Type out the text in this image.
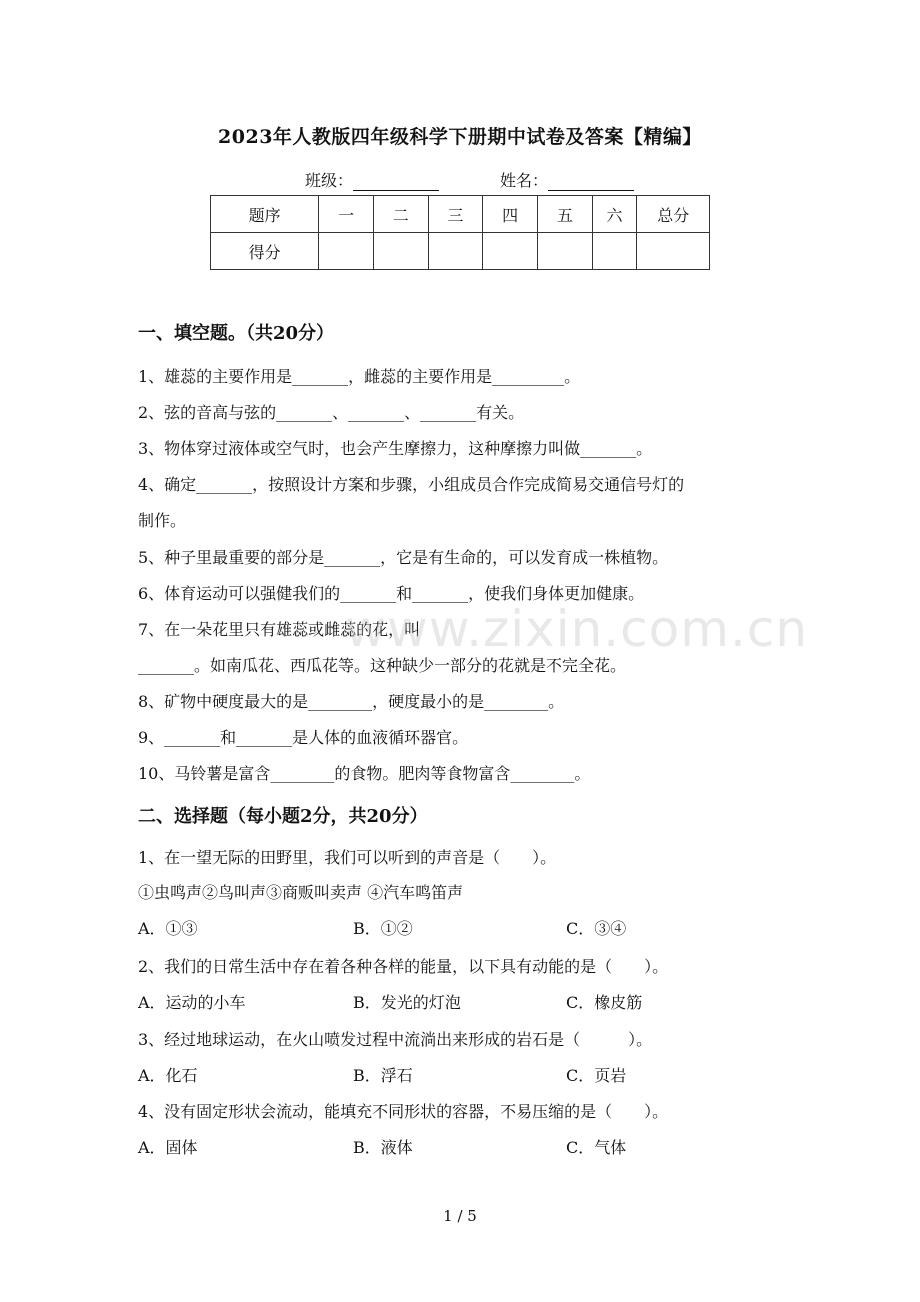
2023年人教版四年级科学下册期中试卷及答案【精编】
班级：	姓名：
题序	一	二	三	四	五	六	总分
得分							
一、填空题。（共20分）
1、雄蕊的主要作用是_______，雌蕊的主要作用是_________。
2、弦的音高与弦的_______、_______、_______有关。
3、物体穿过液体或空气时，也会产生摩擦力，这种摩擦力叫做_______。
4、确定_______，按照设计方案和步骤，小组成员合作完成简易交通信号灯的
制作。
5、种子里最重要的部分是_______，它是有生命的，可以发育成一株植物。
6、体育运动可以强健我们的_______和_______，使我们身体更加健康。
7、在一朵花里只有雄蕊或雌蕊的花，叫
_______。如南瓜花、西瓜花等。这种缺少一部分的花就是不完全花。
8、矿物中硬度最大的是________，硬度最小的是________。
9、_______和_______是人体的血液循环器官。
10、马铃薯是富含________的食物。肥肉等食物富含________。
二、选择题（每小题2分，共20分）
1、在一望无际的田野里，我们可以听到的声音是（　　）。
①虫鸣声②鸟叫声③商贩叫卖声 ④汽车鸣笛声
A．①③	B．①②	C．③④
2、我们的日常生活中存在着各种各样的能量，以下具有动能的是（　　）。
A．运动的小车	B．发光的灯泡	C．橡皮筋
3、经过地球运动，在火山喷发过程中流淌出来形成的岩石是（　　　）。
A．化石	B．浮石	C．页岩
4、没有固定形状会流动，能填充不同形状的容器，不易压缩的是（　　）。
A．固体	B．液体	C．气体
www.zixin.com.cn
1 / 5
